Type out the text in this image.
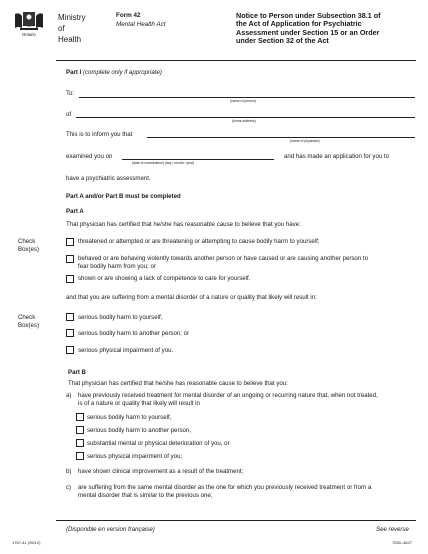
Ontario
Ministry
of
Health
Form 42
Mental Health Act
Notice to Person under Subsection 38.1 of
the Act of Application for Psychiatric
Assessment under Section 15 or an Order
under Section 32 of the Act
Part I (complete only if appropriate)
To:
(name of person)
of
(home address)
This is to inform you that
(name of physician)
examined you on
(date of examination) (day / month / year)
and has made an application for you to
have a psychiatric assessment.
Part A and/or Part B must be completed
Part A
That physician has certified that he/she has reasonable cause to believe that you have:
Check
Box(es)
threatened or attempted or are threatening or attempting to cause bodily harm to yourself;
behaved or are behaving violently towards another person or have caused or are causing another person to fear bodily harm from you; or
shown or are showing a lack of competence to care for yourself.
and that you are suffering from a mental disorder of a nature or quality that likely will result in:
Check
Box(es)
serious bodily harm to yourself;
serious bodily harm to another person; or
serious physical impairment of you.
Part B
That physician has certified that he/she has reasonable cause to believe that you:
a) have previously received treatment for mental disorder of an ongoing or recurring nature that, when not treated, is of a nature or quality that likely will result in
serious bodily harm to yourself,
serious bodily harm to another person,
substantial mental or physical deterioration of you, or
serious physical impairment of you;
b) have shown clinical improvement as a result of the treatment;
c) are suffering from the same mental disorder as the one for which you previously received treatment or from a mental disorder that is similar to the previous one;
(Disponible en version française)	See reverse
1767-41 (05/12)	7530–4627
